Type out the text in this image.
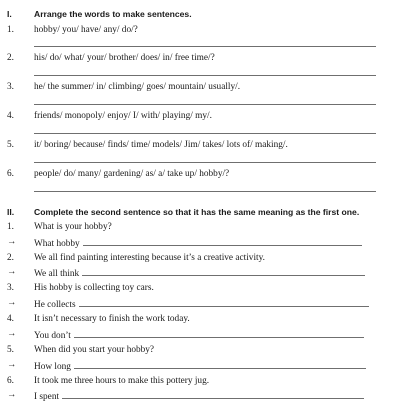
I.	Arrange the words to make sentences.
1. hobby/ you/ have/ any/ do/?
2. his/ do/ what/ your/ brother/ does/ in/ free time/?
3. he/ the summer/ in/ climbing/ goes/ mountain/ usually/.
4. friends/ monopoly/ enjoy/ I/ with/ playing/ my/.
5. it/ boring/ because/ finds/ time/ models/ Jim/ takes/ lots of/ making/.
6. people/ do/ many/ gardening/ as/ a/ take up/ hobby/?
II. Complete the second sentence so that it has the same meaning as the first one.
1. What is your hobby?
→ What hobby
2. We all find painting interesting because it’s a creative activity.
→ We all think
3. His hobby is collecting toy cars.
→ He collects
4. It isn’t necessary to finish the work today.
→ You don’t
5. When did you start your hobby?
→ How long
6. It took me three hours to make this pottery jug.
→ I spent
